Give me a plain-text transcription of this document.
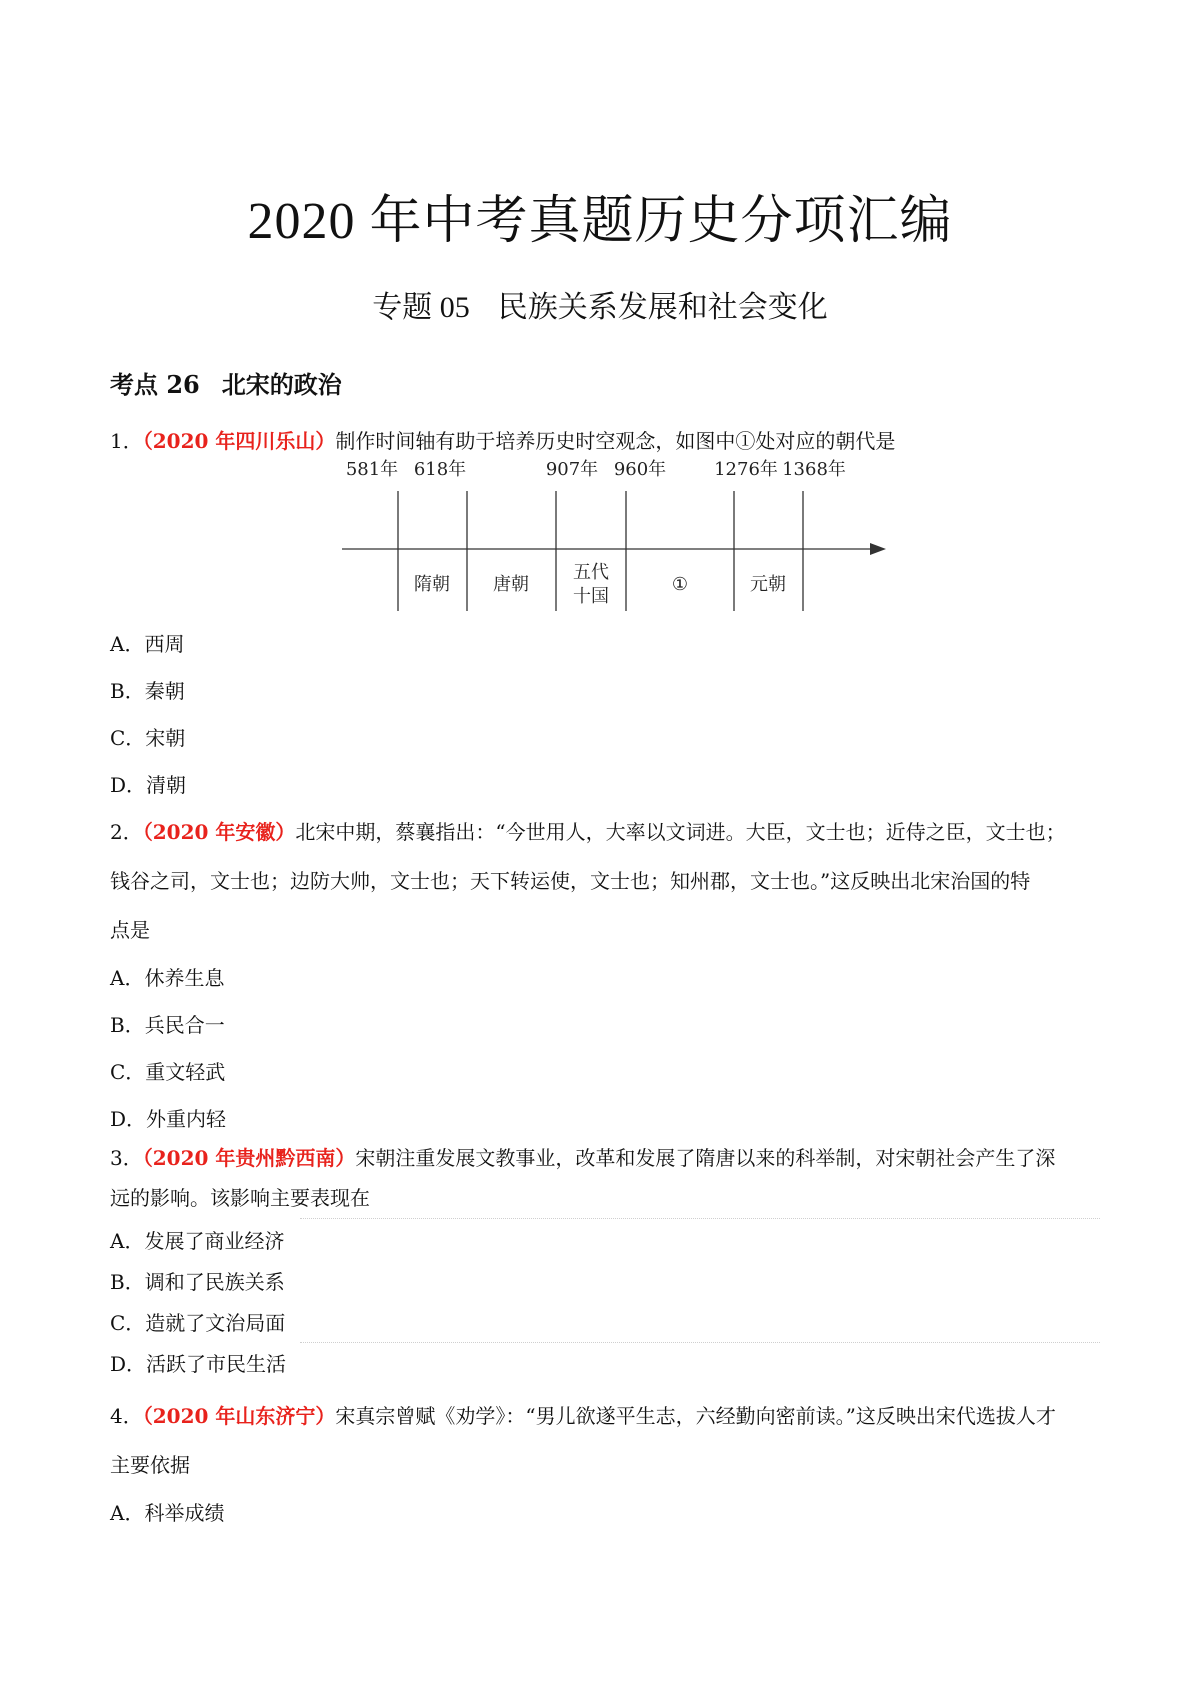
2020 年中考真题历史分项汇编
专题 05 民族关系发展和社会变化
考点 26 北宋的政治
1．（2020 年四川乐山）制作时间轴有助于培养历史时空观念，如图中①处对应的朝代是
581年 618年	907年 960年	1276年 1368年
隋朝 唐朝
五代
十国
①	元朝
A．西周
B．秦朝
C．宋朝
D．清朝
2．（2020 年安徽）北宋中期，蔡襄指出：“今世用人，大率以文词进。大臣，文士也；近侍之臣，文士也；
钱谷之司，文士也；边防大帅，文士也；天下转运使，文士也；知州郡，文士也。”这反映出北宋治国的特
点是
A．休养生息
B．兵民合一
C．重文轻武
D．外重内轻
3．（2020 年贵州黔西南）宋朝注重发展文教事业，改革和发展了隋唐以来的科举制，对宋朝社会产生了深
远的影响。该影响主要表现在
A．发展了商业经济
B．调和了民族关系
C．造就了文治局面
D．活跃了市民生活
4．（2020 年山东济宁）宋真宗曾赋《劝学》：“男儿欲遂平生志，六经勤向密前读。”这反映出宋代选拔人才
主要依据
A．科举成绩
